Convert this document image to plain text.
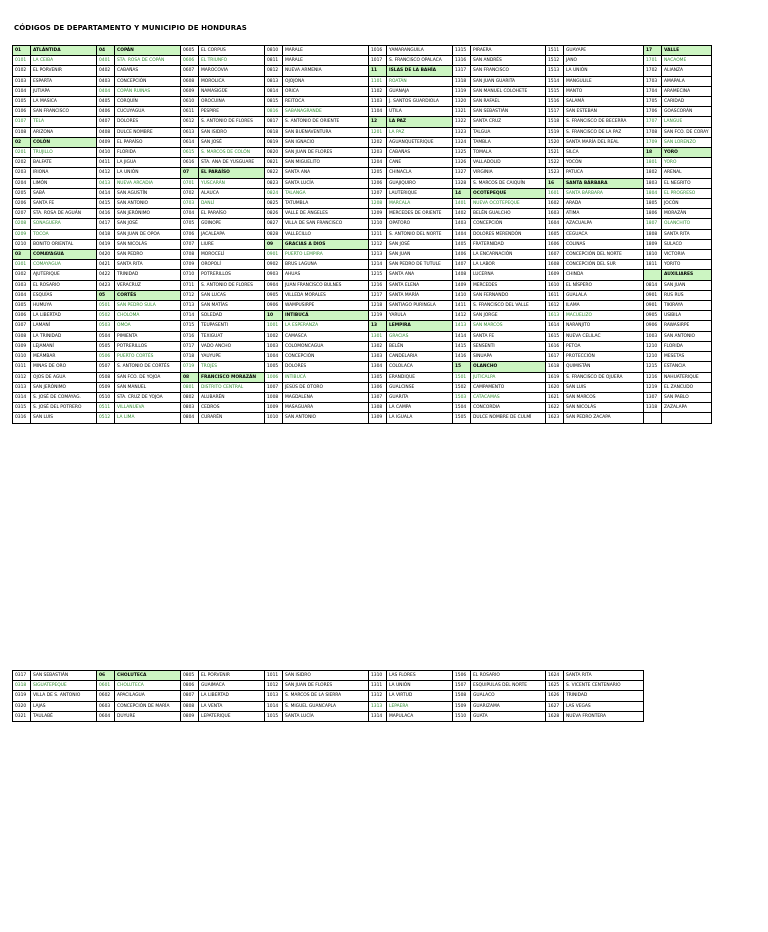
CÓDIGOS DE DEPARTAMENTO Y MUNICIPIO DE HONDURAS
01	ATLÁNTIDA	04	COPÁN	0605	EL CORPUS	0810	MARALE	1016	YAMARANGUILA	1315	PIRAERA	1511	GUAYAPE	17	VALLE
0101	LA CEIBA	0401	STA. ROSA DE COPÁN	0606	EL TRIUNFO	0811	MARALE	1017	S. FRANCISCO OPALACA	1316	SAN ANDRÉS	1512	JANO	1701	NACAOME
0102	EL PORVENIR	0402	CABAÑAS	0607	MAROCOVIA	0812	NUEVA ARMENIA	11	ISLAS DE LA BAHÍA	1317	SAN FRANCISCO	1513	LA UNIÓN	1702	ALIANZA
0103	ESPARTA	0403	CONCEPCIÓN	0608	MOROLICA	0813	OJOJONA	1101	ROATÁN	1318	SAN JUAN GUARITA	1514	MANGULILE	1703	AMAPALA
0104	JUTIAPA	0404	COPÁN RUINAS	0609	NAMASIGÜE	0814	ORICA	1102	GUANAJA	1319	SAN MANUEL COLOHETE	1515	MANTO	1704	ARAMECINA
0105	LA MASICA	0405	CORQUÍN	0610	OROCUINA	0815	REITOCA	1103	J. SANTOS GUARDIOLA	1320	SAN RAFAEL	1516	SALAMÁ	1705	CARIDAD
0106	SAN FRANCISCO	0406	CUCUYAGUA	0611	PESPIRE	0816	SABANAGRANDE	1104	UTILA	1321	SAN SEBASTIÁN	1517	SAN ESTEBAN	1706	GOASCORÁN
0107	TELA	0407	DOLORES	0612	S. ANTONIO DE FLORES	0817	S. ANTONIO DE ORIENTE	12	LA PAZ	1322	SANTA CRUZ	1518	S. FRANCISCO DE BECERRA	1707	LANGUE
0108	ARIZONA	0408	DULCE NOMBRE	0613	SAN ISIDRO	0818	SAN BUENAVENTURA	1201	LA PAZ	1323	TALGUA	1519	S. FRANCISCO DE LA PAZ	1708	SAN FCO. DE CORAY
02	COLÓN	0409	EL PARAÍSO	0614	SAN JOSÉ	0819	SAN IGNACIO	1202	AGUANQUETERIQUE	1324	TAMBLA	1520	SANTA MARÍA DEL REAL	1709	SAN LORENZO
0201	TRUJILLO	0410	FLORIDA	0615	S. MARCOS DE COLÓN	0820	SAN JUAN DE FLORES	1203	CABAÑAS	1325	TOMALA	1521	SILCA	18	YORO
0202	BALFATE	0411	LA JIGUA	0616	STA. ANA DE YUSGUARE	0821	SAN MIGUELITO	1204	CANE	1326	VALLADOLID	1522	YOCÓN	1801	YORO
0203	IRIONA	0412	LA UNIÓN	07	EL PARAÍSO	0822	SANTA ANA	1205	CHINACLA	1327	VIRGINIA	1523	PATUCA	1802	ARENAL
0204	LIMÓN	0413	NUEVA ARCADIA	0701	YUSCARÁN	0823	SANTA LUCÍA	1206	GUAJIQUIRO	1328	S. MARCOS DE CAIQUÍN	16	SANTA BÁRBARA	1803	EL NEGRITO
0205	SABÁ	0414	SAN AGUSTÍN	0702	ALAUCA	0824	TALANGA	1207	LAUTERIQUE	14	OCOTEPEQUE	1601	SANTA BÁRBARA	1804	EL PROGRESO
0206	SANTA FE	0415	SAN ANTONIO	0703	DANLÍ	0825	TATUMBLA	1208	MARCALA	1401	NUEVA OCOTEPEQUE	1602	ARADA	1805	JOCÓN
0207	STA. ROSA DE AGUÁN	0416	SAN JERÓNIMO	0704	EL PARAÍSO	0826	VALLE DE ÁNGELES	1209	MERCEDES DE ORIENTE	1402	BELÉN GUALCHO	1603	ATIMA	1806	MORAZÁN
0208	SONAGUERA	0417	SAN JOSÉ	0705	GÜINOPE	0827	VILLA DE SAN FRANCISCO	1210	OPATORO	1403	CONCEPCIÓN	1604	AZACUALPA	1807	OLANCHITO
0209	TOCOA	0418	SAN JUAN DE OPOA	0706	JACALEAPA	0828	VALLECILLO	1211	S. ANTONIO DEL NORTE	1404	DOLORES MERENDÓN	1605	CEGUACA	1808	SANTA RITA
0210	BONITO ORIENTAL	0419	SAN NICOLÁS	0707	LIURE	09	GRACIAS A DIOS	1212	SAN JOSÉ	1405	FRATERNIDAD	1606	COLINAS	1809	SULACO
03	COMAYAGUA	0420	SAN PEDRO	0708	MOROCELÍ	0901	PUERTO LEMPIRA	1213	SAN JUAN	1406	LA ENCARNACIÓN	1607	CONCEPCIÓN DEL NORTE	1810	VICTORIA
0301	COMAYAGUA	0421	SANTA RITA	0709	OROPOLÍ	0902	BRUS LAGUNA	1214	SAN PEDRO DE TUTULE	1407	LA LABOR	1608	CONCEPCIÓN DEL SUR	1811	YORITO
0302	AJUTERIQUE	0422	TRINIDAD	0710	POTRERILLOS	0903	AHUAS	1215	SANTA ANA	1408	LUCERNA	1609	CHINDA		AUXILIARES
0303	EL ROSARIO	0423	VERACRUZ	0711	S. ANTONIO DE FLORES	0904	JUAN FRANCISCO BULNES	1216	SANTA ELENA	1409	MERCEDES	1610	EL NÍSPERO	0814	SAN JUAN
0304	ESQUÍAS	05	CORTÉS	0712	SAN LUCAS	0905	VILLEDA MORALES	1217	SANTA MARÍA	1410	SAN FERNANDO	1611	GUALALA	0901	RUS RUS
0305	HUMUYA	0501	SAN PEDRO SULA	0713	SAN MATÍAS	0906	WAMPUSIRPE	1218	SANTIAGO PURINGLA	1411	S. FRANCISCO DEL VALLE	1612	ILAMA	0901	TIKIRAYA
0306	LA LIBERTAD	0502	CHOLOMA	0714	SOLEDAD	10	INTIBUCÁ	1219	YARULA	1412	SAN JORGE	1613	MACUELIZO	0905	USIBILA
0307	LAMANÍ	0503	OMOA	0715	TEUPASENTI	1001	LA ESPERANZA	13	LEMPIRA	1413	SAN MARCOS	1614	NARANJITO	0906	RAWASIRPE
0308	LA TRINIDAD	0504	PIMIENTA	0716	TEXIGUAT	1002	CAMASCA	1301	GRACIAS	1414	SANTA FE	1615	NUEVA CELILAC	1003	SAN ANTONIO
0309	LEJAMANÍ	0505	POTRERILLOS	0717	VADO ANCHO	1003	COLOMONCAGUA	1302	BELÉN	1415	SENSENTI	1616	PETOA	1210	FLORIDA
0310	MEÁMBAR	0506	PUERTO CORTÉS	0718	YAUYUPE	1004	CONCEPCIÓN	1303	CANDELARIA	1416	SINUAPA	1617	PROTECCIÓN	1210	MESETAS
0311	MINAS DE ORO	0507	S. ANTONIO DE CORTÉS	0719	TROJES	1005	DOLORES	1304	COLOLACA	15	OLANCHO	1618	QUIMISTÁN	1215	ESTANCIA
0312	OJOS DE AGUA	0508	SAN FCO. DE YOJOA	08	FRANCISCO MORAZÁN	1006	INTIBUCÁ	1305	ERANDIQUE	1501	JUTICALPA	1619	S. FRANCISCO DE OJUERA	1216	NAHUATERIQUE
0313	SAN JERÓNIMO	0509	SAN MANUEL	0801	DISTRITO CENTRAL	1007	JESÚS DE OTORO	1306	GUALCINSE	1502	CAMPAMENTO	1620	SAN LUIS	1219	EL ZANCUDO
0314	S. JOSÉ DE COMAYAG.	0510	STA. CRUZ DE YOJOA	0802	ALUBARÉN	1008	MAGDALENA	1307	GUARITA	1503	CATACAMAS	1621	SAN MARCOS	1307	SAN PABLO
0315	S. JOSÉ DEL POTRERO	0511	VILLANUEVA	0803	CEDROS	1009	MASAGUARA	1308	LA CAMPA	1504	CONCORDIA	1622	SAN NICOLÁS	1318	ZAZALAPA
0316	SAN LUIS	0512	LA LIMA	0804	CURARÉN	1010	SAN ANTONIO	1309	LA IGUALA	1505	DULCE NOMBRE DE CULMÍ	1623	SAN PEDRO ZACAPA		
0317	SAN SEBASTIÁN	06	CHOLUTECA	0805	EL PORVENIR	1011	SAN ISIDRO	1310	LAS FLORES	1506	EL ROSARIO	1624	SANTA RITA
0318	SIGUATEPEQUE	0601	CHOLUTECA	0806	GUAIMACA	1012	SAN JUAN DE FLORES	1311	LA UNIÓN	1507	ESQUIPULAS DEL NORTE	1625	S. VICENTE CENTENARIO
0319	VILLA DE S. ANTONIO	0602	APACILAGUA	0807	LA LIBERTAD	1013	S. MARCOS DE LA SIERRA	1312	LA VIRTUD	1508	GUALACO	1626	TRINIDAD
0320	LAJAS	0603	CONCEPCIÓN DE MARÍA	0808	LA VENTA	1014	S. MIGUEL GUANCAPLA	1313	LEPAERA	1509	GUARIZAMA	1627	LAS VEGAS
0321	TAULABÉ	0604	DUYURE	0809	LEPATERIQUE	1015	SANTA LUCÍA	1314	MAPULACA	1510	GUATA	1628	NUEVA FRONTERA
